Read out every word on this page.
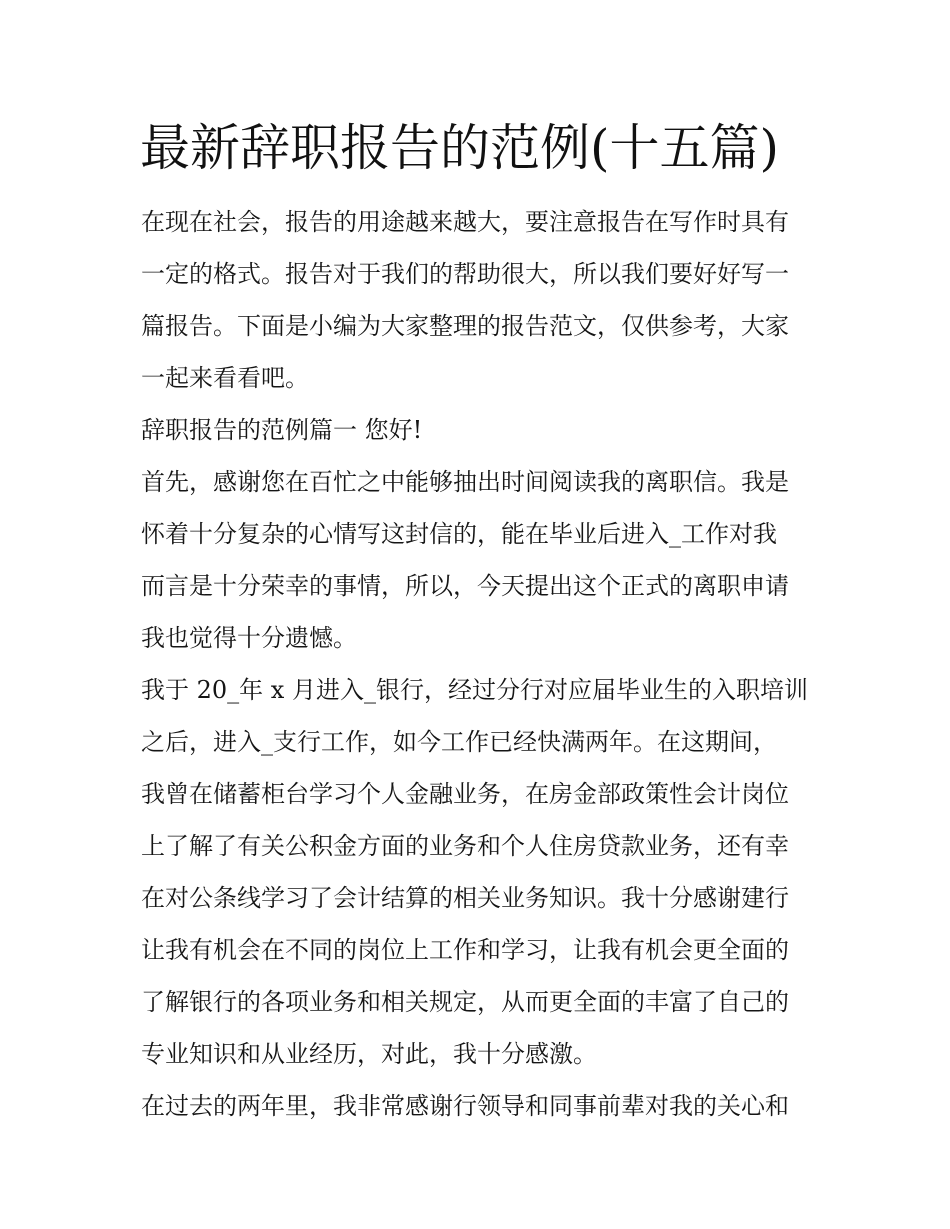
最新辞职报告的范例(十五篇)
在现在社会，报告的用途越来越大，要注意报告在写作时具有
一定的格式。报告对于我们的帮助很大，所以我们要好好写一
篇报告。下面是小编为大家整理的报告范文，仅供参考，大家
一起来看看吧。
辞职报告的范例篇一 您好!
首先，感谢您在百忙之中能够抽出时间阅读我的离职信。我是
怀着十分复杂的心情写这封信的，能在毕业后进入_工作对我
而言是十分荣幸的事情，所以，今天提出这个正式的离职申请
我也觉得十分遗憾。
我于 20_年 x 月进入_银行，经过分行对应届毕业生的入职培训
之后，进入_支行工作，如今工作已经快满两年。在这期间，
我曾在储蓄柜台学习个人金融业务，在房金部政策性会计岗位
上了解了有关公积金方面的业务和个人住房贷款业务，还有幸
在对公条线学习了会计结算的相关业务知识。我十分感谢建行
让我有机会在不同的岗位上工作和学习，让我有机会更全面的
了解银行的各项业务和相关规定，从而更全面的丰富了自己的
专业知识和从业经历，对此，我十分感激。
在过去的两年里，我非常感谢行领导和同事前辈对我的关心和
